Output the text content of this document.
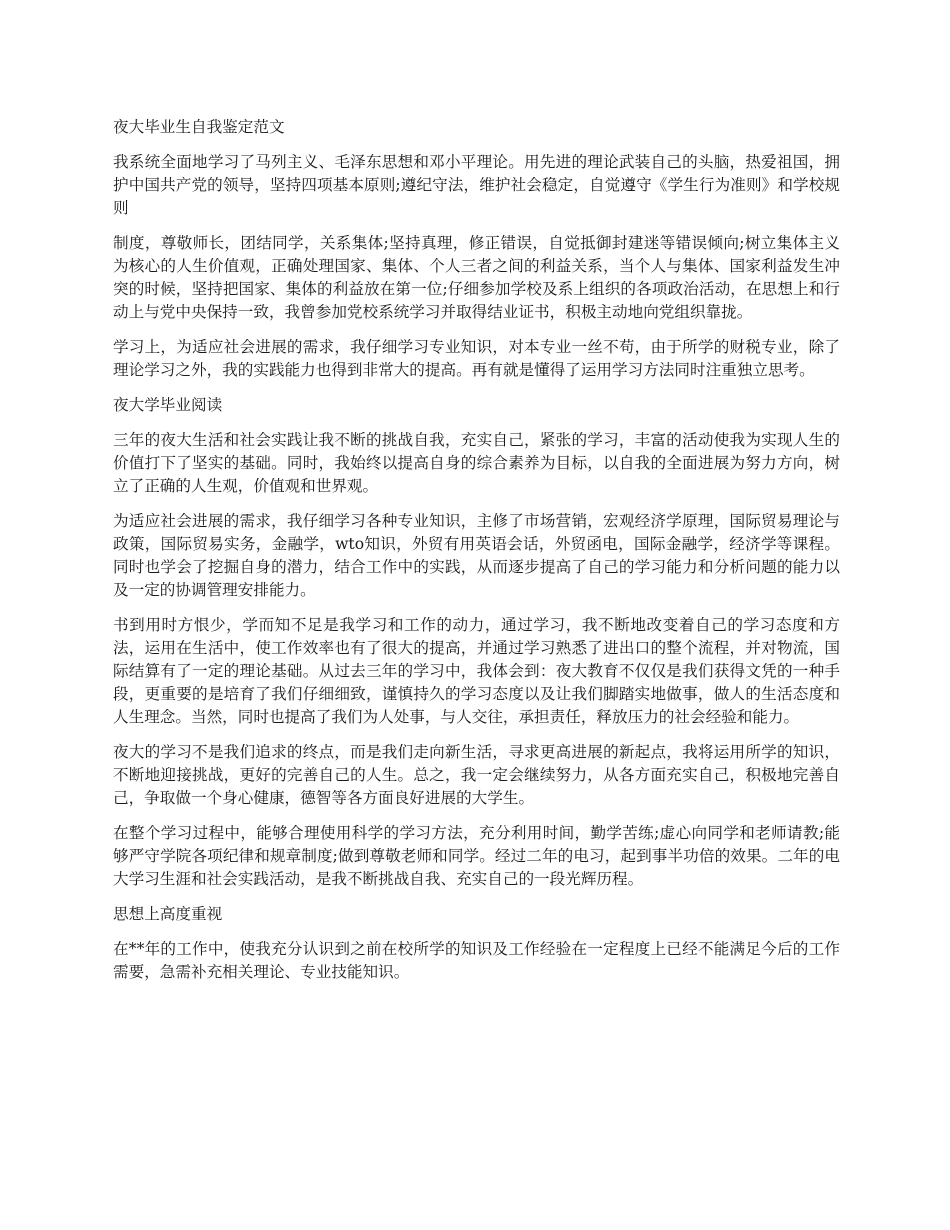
夜大毕业生自我鉴定范文

我系统全面地学习了马列主义、毛泽东思想和邓小平理论。用先进的理论武装自己的头脑，热爱祖国，拥护中国共产党的领导，坚持四项基本原则;遵纪守法，维护社会稳定，自觉遵守《学生行为准则》和学校规则

制度，尊敬师长，团结同学，关系集体;坚持真理，修正错误，自觉抵御封建迷等错误倾向;树立集体主义为核心的人生价值观，正确处理国家、集体、个人三者之间的利益关系，当个人与集体、国家利益发生冲突的时候，坚持把国家、集体的利益放在第一位;仔细参加学校及系上组织的各项政治活动，在思想上和行动上与党中央保持一致，我曾参加党校系统学习并取得结业证书，积极主动地向党组织靠拢。

学习上，为适应社会进展的需求，我仔细学习专业知识，对本专业一丝不苟，由于所学的财税专业，除了理论学习之外，我的实践能力也得到非常大的提高。再有就是懂得了运用学习方法同时注重独立思考。

夜大学毕业阅读

三年的夜大生活和社会实践让我不断的挑战自我，充实自己，紧张的学习，丰富的活动使我为实现人生的价值打下了坚实的基础。同时，我始终以提高自身的综合素养为目标，以自我的全面进展为努力方向，树立了正确的人生观，价值观和世界观。

为适应社会进展的需求，我仔细学习各种专业知识，主修了市场营销，宏观经济学原理，国际贸易理论与政策，国际贸易实务，金融学，wto知识，外贸有用英语会话，外贸函电，国际金融学，经济学等课程。同时也学会了挖掘自身的潜力，结合工作中的实践，从而逐步提高了自己的学习能力和分析问题的能力以及一定的协调管理安排能力。

书到用时方恨少，学而知不足是我学习和工作的动力，通过学习，我不断地改变着自己的学习态度和方法，运用在生活中，使工作效率也有了很大的提高，并通过学习熟悉了进出口的整个流程，并对物流，国际结算有了一定的理论基础。从过去三年的学习中，我体会到：夜大教育不仅仅是我们获得文凭的一种手段，更重要的是培育了我们仔细细致，谨慎持久的学习态度以及让我们脚踏实地做事，做人的生活态度和人生理念。当然，同时也提高了我们为人处事，与人交往，承担责任，释放压力的社会经验和能力。

夜大的学习不是我们追求的终点，而是我们走向新生活，寻求更高进展的新起点，我将运用所学的知识，不断地迎接挑战，更好的完善自己的人生。总之，我一定会继续努力，从各方面充实自己，积极地完善自己，争取做一个身心健康，德智等各方面良好进展的大学生。

在整个学习过程中，能够合理使用科学的学习方法，充分利用时间，勤学苦练;虚心向同学和老师请教;能够严守学院各项纪律和规章制度;做到尊敬老师和同学。经过二年的电习，起到事半功倍的效果。二年的电大学习生涯和社会实践活动，是我不断挑战自我、充实自己的一段光辉历程。

思想上高度重视

在**年的工作中，使我充分认识到之前在校所学的知识及工作经验在一定程度上已经不能满足今后的工作需要，急需补充相关理论、专业技能知识。
